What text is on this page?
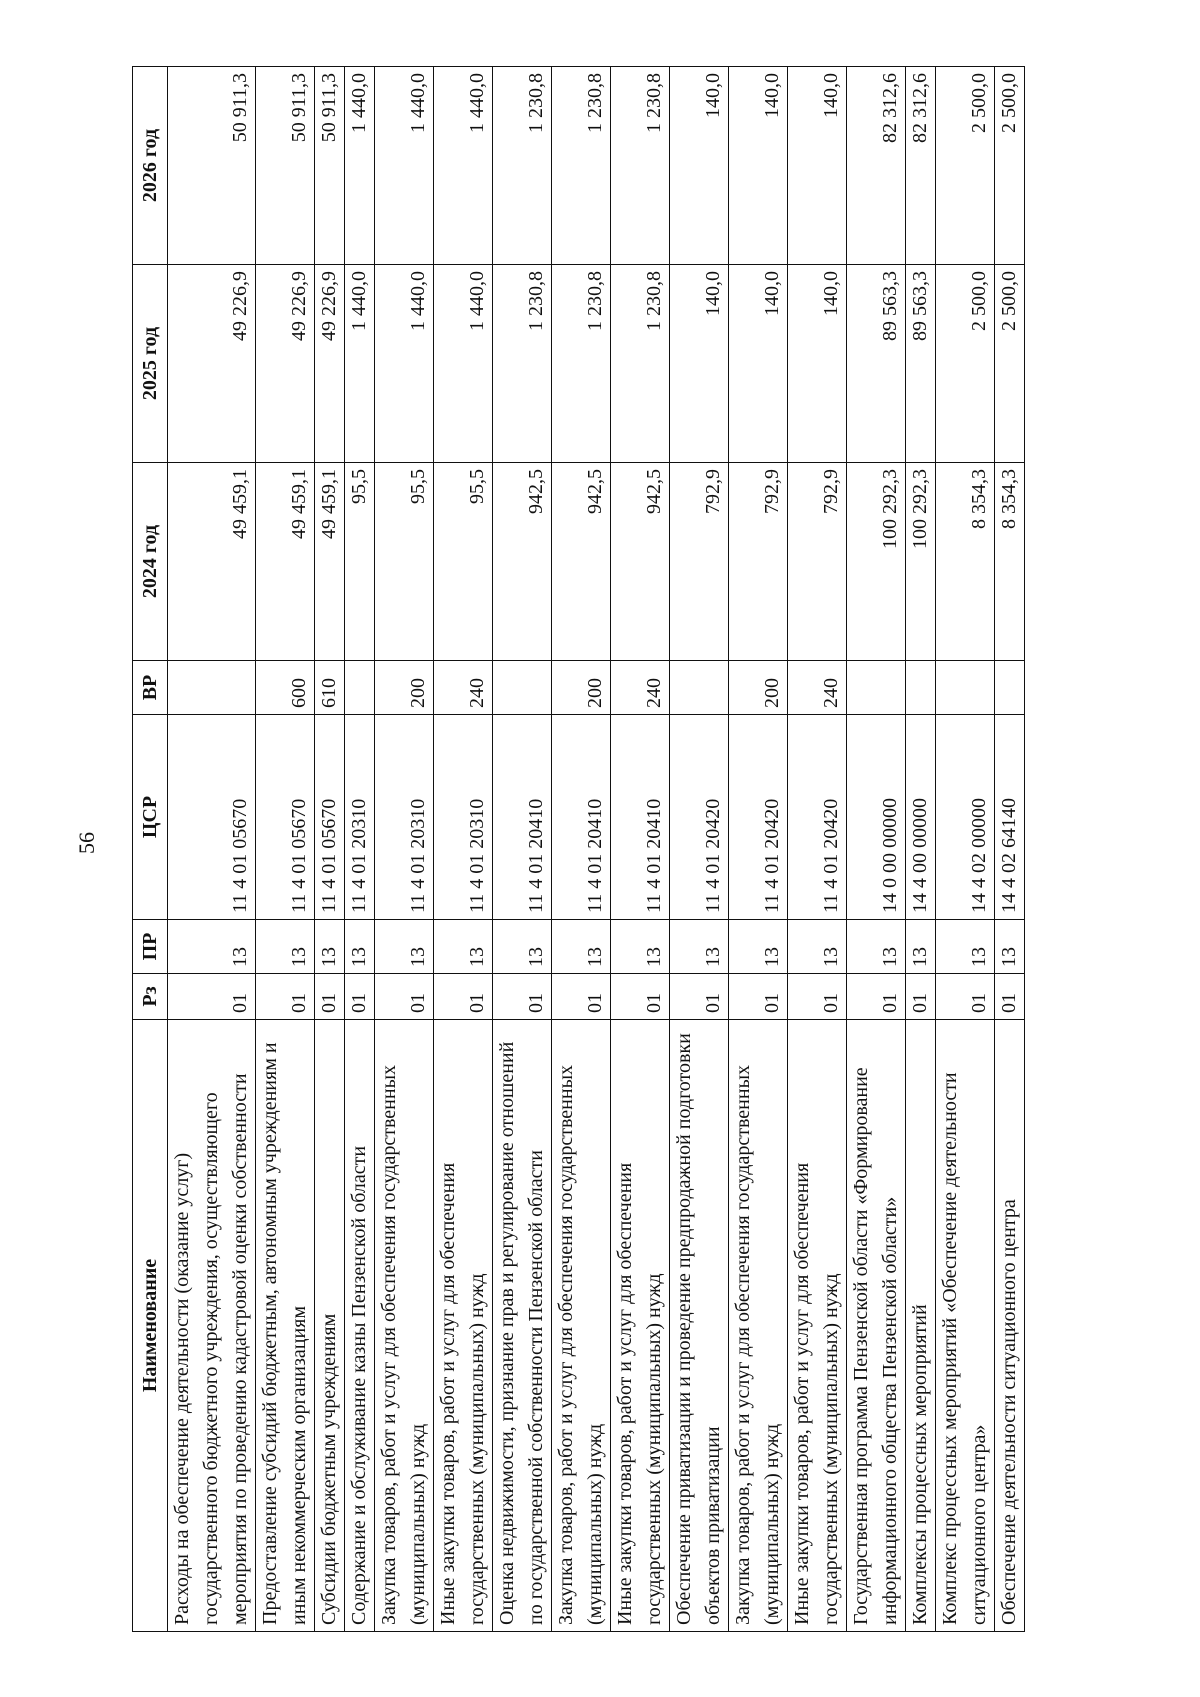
56
Наименование	Рз	ПР	ЦСР	ВР	2024 год	2025 год	2026 год
Расходы на обеспечение деятельности (оказание услуг) государственного бюджетного учреждения, осуществляющего мероприятия по проведению кадастровой оценки собственности	01	13	11 4 01 05670		49 459,1	49 226,9	50 911,3
Предоставление субсидий бюджетным, автономным учреждениям и иным некоммерческим организациям	01	13	11 4 01 05670	600	49 459,1	49 226,9	50 911,3
Субсидии бюджетным учреждениям	01	13	11 4 01 05670	610	49 459,1	49 226,9	50 911,3
Содержание и обслуживание казны Пензенской области	01	13	11 4 01 20310		95,5	1 440,0	1 440,0
Закупка товаров, работ и услуг для обеспечения государственных (муниципальных) нужд	01	13	11 4 01 20310	200	95,5	1 440,0	1 440,0
Иные закупки товаров, работ и услуг для обеспечения государственных (муниципальных) нужд	01	13	11 4 01 20310	240	95,5	1 440,0	1 440,0
Оценка недвижимости, признание прав и регулирование отношений по государственной собственности Пензенской области	01	13	11 4 01 20410		942,5	1 230,8	1 230,8
Закупка товаров, работ и услуг для обеспечения государственных (муниципальных) нужд	01	13	11 4 01 20410	200	942,5	1 230,8	1 230,8
Иные закупки товаров, работ и услуг для обеспечения государственных (муниципальных) нужд	01	13	11 4 01 20410	240	942,5	1 230,8	1 230,8
Обеспечение приватизации и проведение предпродажной подготовки объектов приватизации	01	13	11 4 01 20420		792,9	140,0	140,0
Закупка товаров, работ и услуг для обеспечения государственных (муниципальных) нужд	01	13	11 4 01 20420	200	792,9	140,0	140,0
Иные закупки товаров, работ и услуг для обеспечения государственных (муниципальных) нужд	01	13	11 4 01 20420	240	792,9	140,0	140,0
Государственная программа Пензенской области «Формирование информационного общества Пензенской области»	01	13	14 0 00 00000		100 292,3	89 563,3	82 312,6
Комплексы процессных мероприятий	01	13	14 4 00 00000		100 292,3	89 563,3	82 312,6
Комплекс процессных мероприятий «Обеспечение деятельности ситуационного центра»	01	13	14 4 02 00000		8 354,3	2 500,0	2 500,0
Обеспечение деятельности ситуационного центра	01	13	14 4 02 64140		8 354,3	2 500,0	2 500,0
